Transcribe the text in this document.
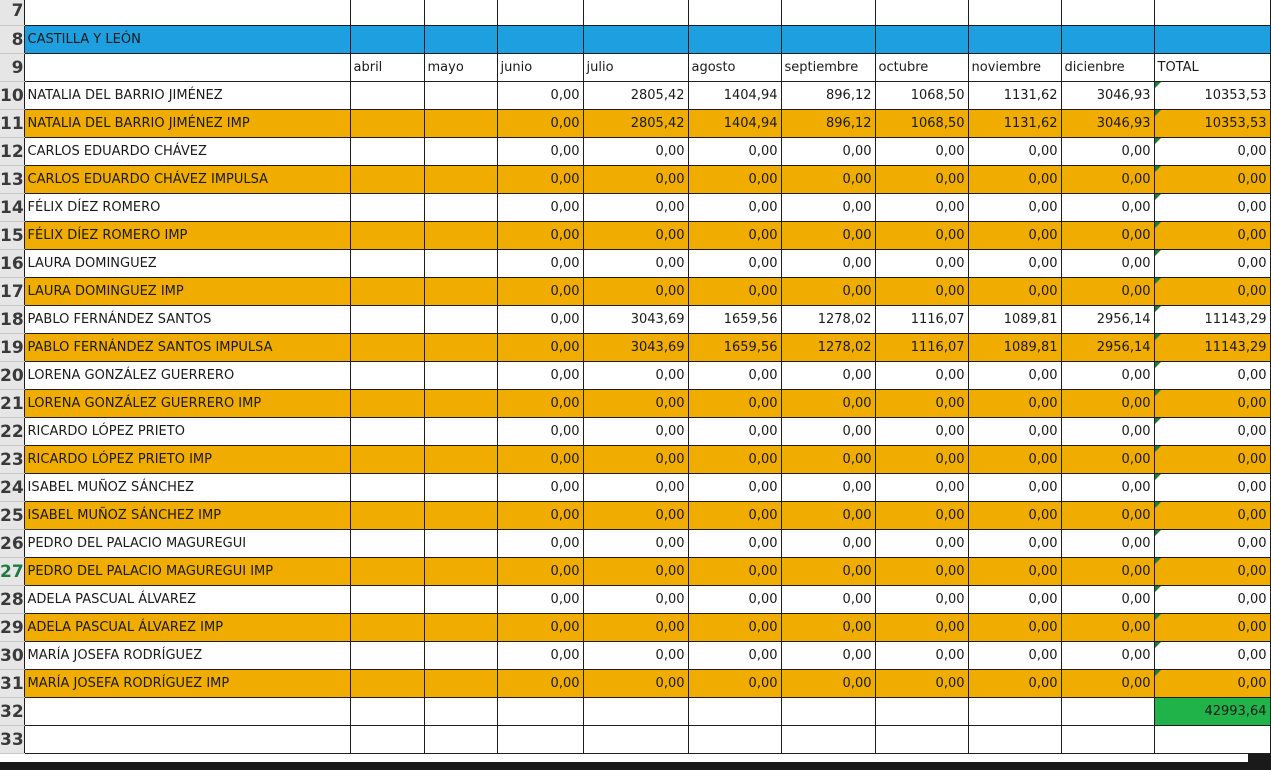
7											
8	CASTILLA Y LEÓN										
9		abril	mayo	junio	julio	agosto	septiembre	octubre	noviembre	dicienbre	TOTAL
10	NATALIA DEL BARRIO JIMÉNEZ			0,00	2805,42	1404,94	896,12	1068,50	1131,62	3046,93	10353,53
11	NATALIA DEL BARRIO JIMÉNEZ IMP			0,00	2805,42	1404,94	896,12	1068,50	1131,62	3046,93	10353,53
12	CARLOS EDUARDO CHÁVEZ			0,00	0,00	0,00	0,00	0,00	0,00	0,00	0,00
13	CARLOS EDUARDO CHÁVEZ IMPULSA			0,00	0,00	0,00	0,00	0,00	0,00	0,00	0,00
14	FÉLIX DÍEZ ROMERO			0,00	0,00	0,00	0,00	0,00	0,00	0,00	0,00
15	FÉLIX DÍEZ ROMERO IMP			0,00	0,00	0,00	0,00	0,00	0,00	0,00	0,00
16	LAURA DOMINGUEZ			0,00	0,00	0,00	0,00	0,00	0,00	0,00	0,00
17	LAURA DOMINGUEZ IMP			0,00	0,00	0,00	0,00	0,00	0,00	0,00	0,00
18	PABLO FERNÁNDEZ SANTOS			0,00	3043,69	1659,56	1278,02	1116,07	1089,81	2956,14	11143,29
19	PABLO FERNÁNDEZ SANTOS IMPULSA			0,00	3043,69	1659,56	1278,02	1116,07	1089,81	2956,14	11143,29
20	LORENA GONZÁLEZ GUERRERO			0,00	0,00	0,00	0,00	0,00	0,00	0,00	0,00
21	LORENA GONZÁLEZ GUERRERO IMP			0,00	0,00	0,00	0,00	0,00	0,00	0,00	0,00
22	RICARDO LÓPEZ PRIETO			0,00	0,00	0,00	0,00	0,00	0,00	0,00	0,00
23	RICARDO LÓPEZ PRIETO IMP			0,00	0,00	0,00	0,00	0,00	0,00	0,00	0,00
24	ISABEL MUÑOZ SÁNCHEZ			0,00	0,00	0,00	0,00	0,00	0,00	0,00	0,00
25	ISABEL MUÑOZ SÁNCHEZ IMP			0,00	0,00	0,00	0,00	0,00	0,00	0,00	0,00
26	PEDRO DEL PALACIO MAGUREGUI			0,00	0,00	0,00	0,00	0,00	0,00	0,00	0,00
27	PEDRO DEL PALACIO MAGUREGUI IMP			0,00	0,00	0,00	0,00	0,00	0,00	0,00	0,00
28	ADELA PASCUAL ÁLVAREZ			0,00	0,00	0,00	0,00	0,00	0,00	0,00	0,00
29	ADELA PASCUAL ÁLVAREZ IMP			0,00	0,00	0,00	0,00	0,00	0,00	0,00	0,00
30	MARÍA JOSEFA RODRÍGUEZ			0,00	0,00	0,00	0,00	0,00	0,00	0,00	0,00
31	MARÍA JOSEFA RODRÍGUEZ IMP			0,00	0,00	0,00	0,00	0,00	0,00	0,00	0,00
32											42993,64
33											
